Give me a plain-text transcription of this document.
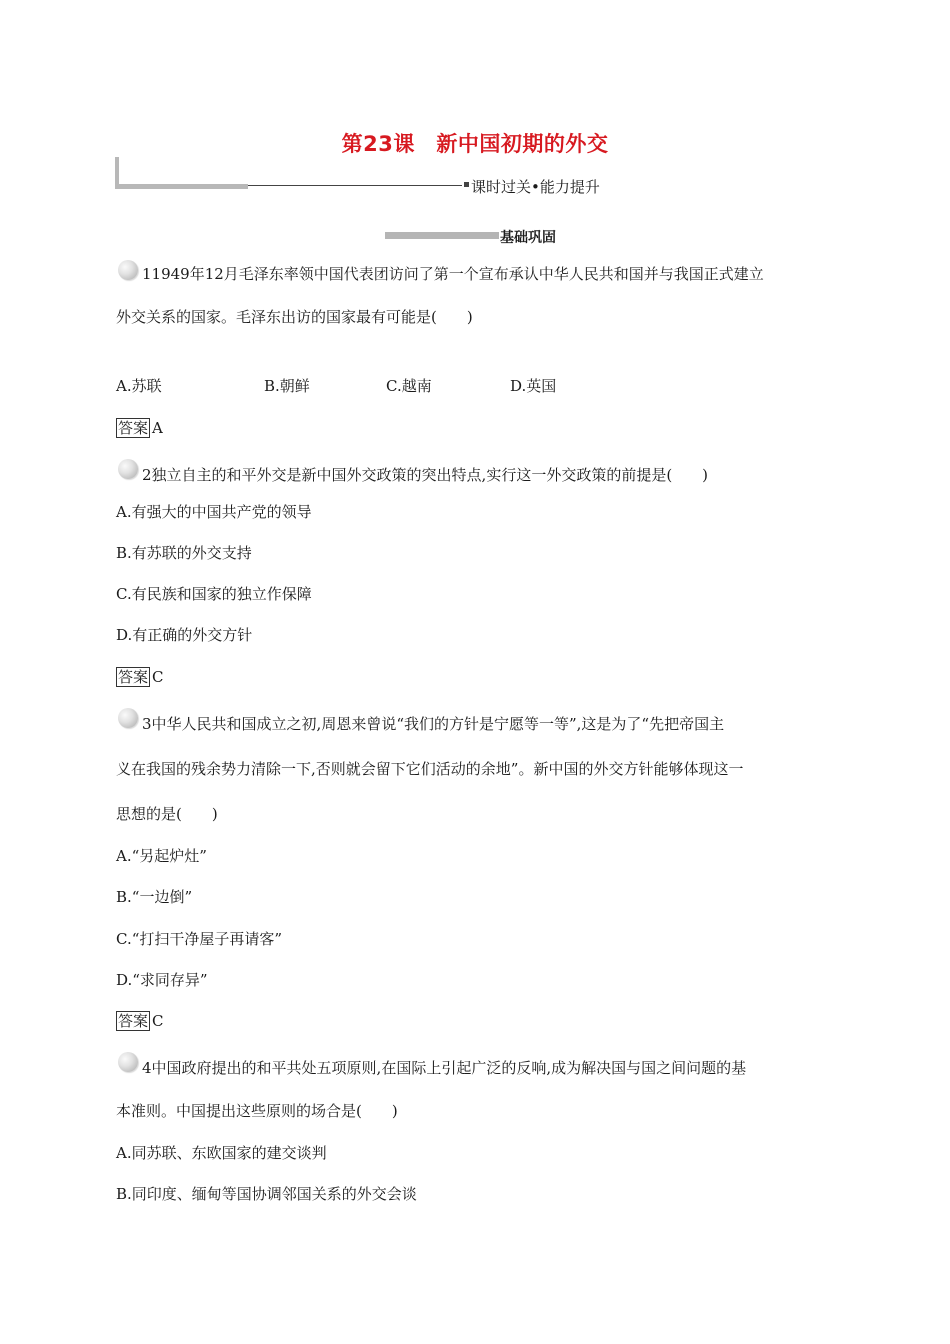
第23课　新中国初期的外交
课时过关•能力提升
基础巩固
11949年12月毛泽东率领中国代表团访问了第一个宣布承认中华人民共和国并与我国正式建立
外交关系的国家。毛泽东出访的国家最有可能是(　　)
A.苏联	B.朝鲜	C.越南	D.英国
答案 A
2独立自主的和平外交是新中国外交政策的突出特点,实行这一外交政策的前提是(　　)
A.有强大的中国共产党的领导
B.有苏联的外交支持
C.有民族和国家的独立作保障
D.有正确的外交方针
答案 C
3中华人民共和国成立之初,周恩来曾说“我们的方针是宁愿等一等”,这是为了“先把帝国主
义在我国的残余势力清除一下,否则就会留下它们活动的余地”。新中国的外交方针能够体现这一
思想的是(　　)
A.“另起炉灶”
B.“一边倒”
C.“打扫干净屋子再请客”
D.“求同存异”
答案 C
4中国政府提出的和平共处五项原则,在国际上引起广泛的反响,成为解决国与国之间问题的基
本准则。中国提出这些原则的场合是(　　)
A.同苏联、东欧国家的建交谈判
B.同印度、缅甸等国协调邻国关系的外交会谈
